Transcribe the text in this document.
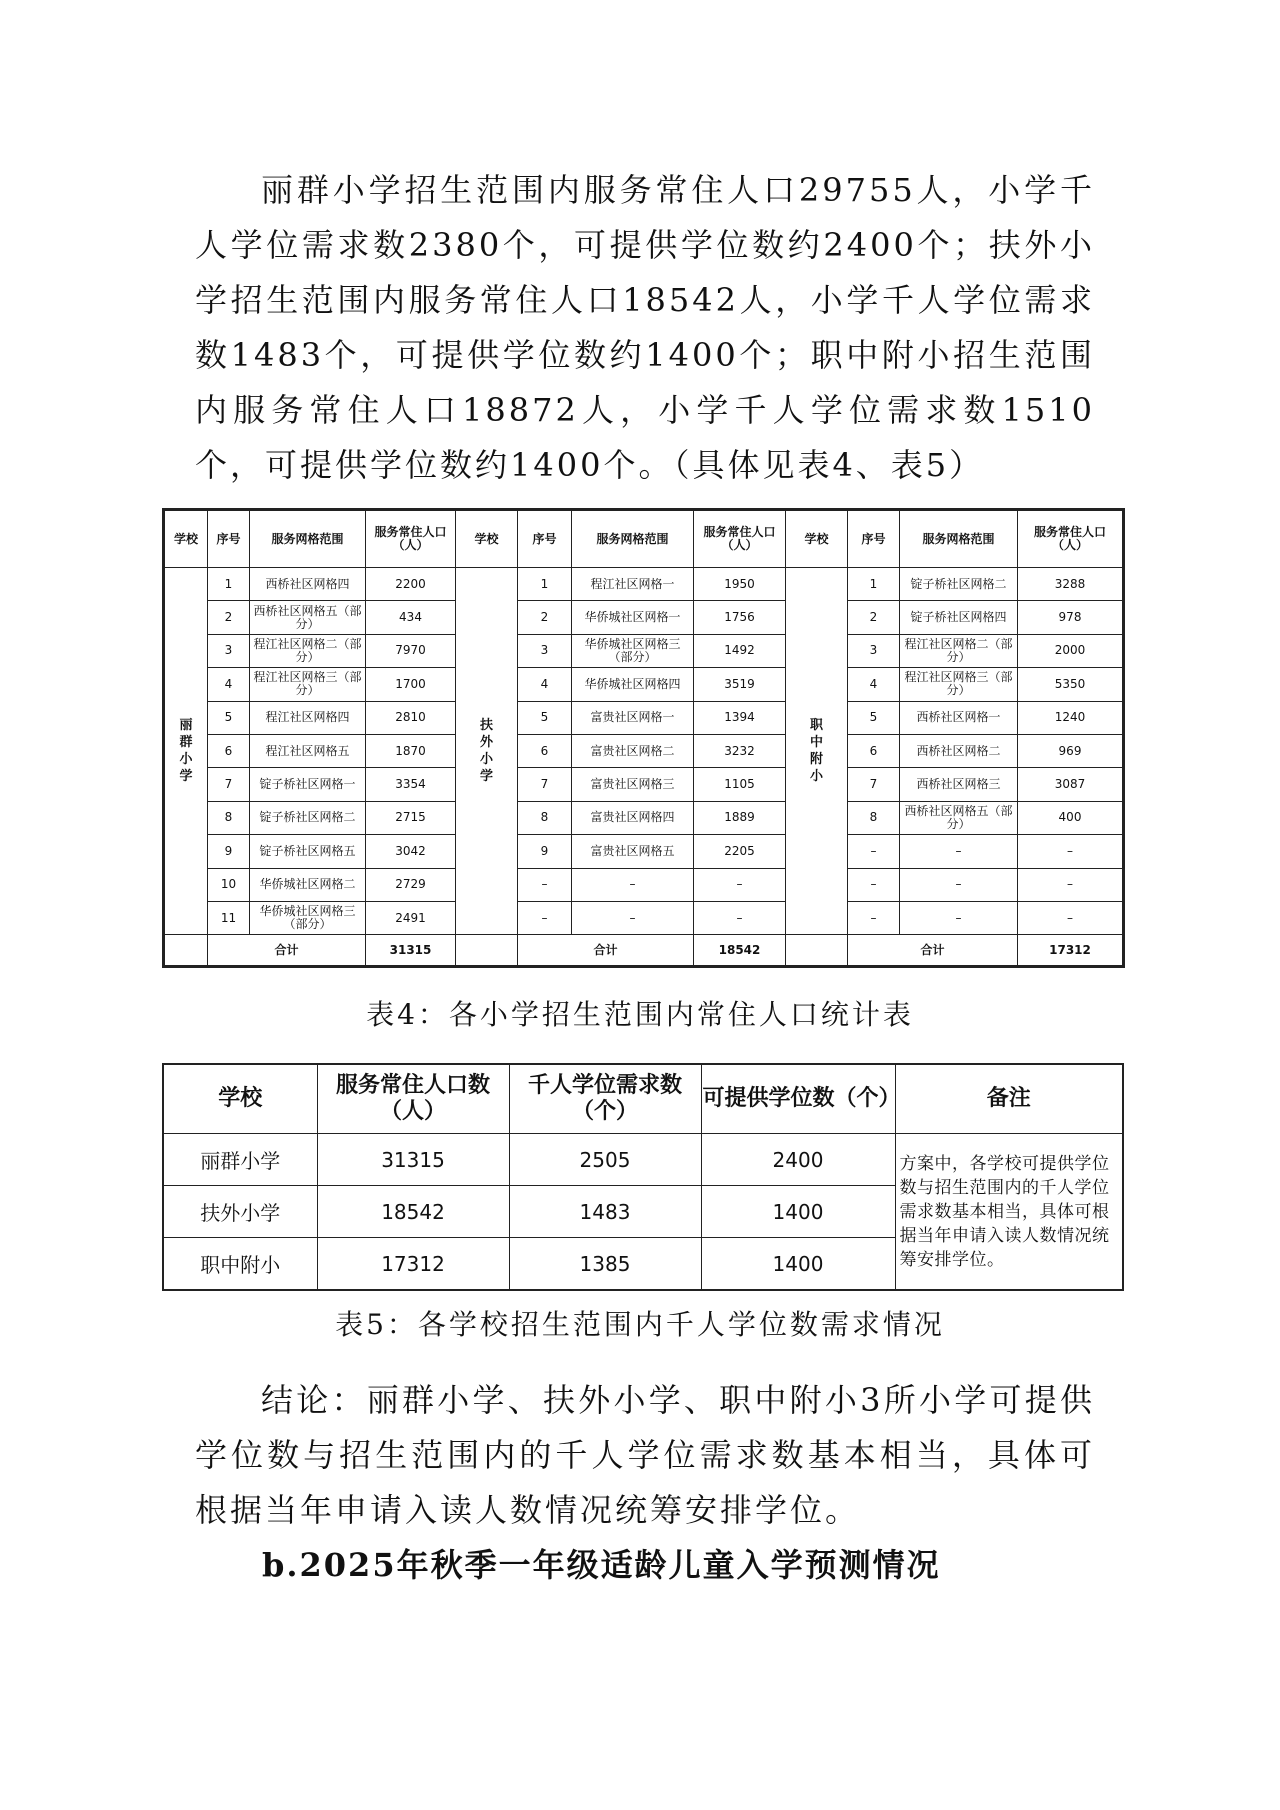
丽群小学招生范围内服务常住人口29755人，小学千人学位需求数2380个，可提供学位数约2400个；扶外小学招生范围内服务常住人口18542人，小学千人学位需求数1483个，可提供学位数约1400个；职中附小招生范围内服务常住人口18872人，小学千人学位需求数1510个，可提供学位数约1400个。（具体见表4、表5）
学校	序号	服务网格范围	服务常住人口（人）	学校	序号	服务网格范围	服务常住人口（人）	学校	序号	服务网格范围	服务常住人口（人）
丽群小学	1	西桥社区网格四	2200	扶外小学	1	程江社区网格一	1950	职中附小	1	锭子桥社区网格二	3288
	2	西桥社区网格五（部分）	434		2	华侨城社区网格一	1756		2	锭子桥社区网格四	978
	3	程江社区网格二（部分）	7970		3	华侨城社区网格三（部分）	1492		3	程江社区网格二（部分）	2000
	4	程江社区网格三（部分）	1700		4	华侨城社区网格四	3519		4	程江社区网格三（部分）	5350
	5	程江社区网格四	2810		5	富贵社区网格一	1394		5	西桥社区网格一	1240
	6	程江社区网格五	1870		6	富贵社区网格二	3232		6	西桥社区网格二	969
	7	锭子桥社区网格一	3354		7	富贵社区网格三	1105		7	西桥社区网格三	3087
	8	锭子桥社区网格二	2715		8	富贵社区网格四	1889		8	西桥社区网格五（部分）	400
	9	锭子桥社区网格五	3042		9	富贵社区网格五	2205		–	–	–
	10	华侨城社区网格二	2729		–	–	–		–	–	–
	11	华侨城社区网格三（部分）	2491		–	–	–		–	–	–
	合计		31315		合计		18542		合计		17312
表4：各小学招生范围内常住人口统计表
学校	服务常住人口数（人）	千人学位需求数（个）	可提供学位数（个）	备注
丽群小学	31315	2505	2400	方案中，各学校可提供学位数与招生范围内的千人学位需求数基本相当，具体可根据当年申请入读人数情况统筹安排学位。
扶外小学	18542	1483	1400	
职中附小	17312	1385	1400	
表5：各学校招生范围内千人学位数需求情况
结论：丽群小学、扶外小学、职中附小3所小学可提供学位数与招生范围内的千人学位需求数基本相当，具体可根据当年申请入读人数情况统筹安排学位。
b.2025年秋季一年级适龄儿童入学预测情况
